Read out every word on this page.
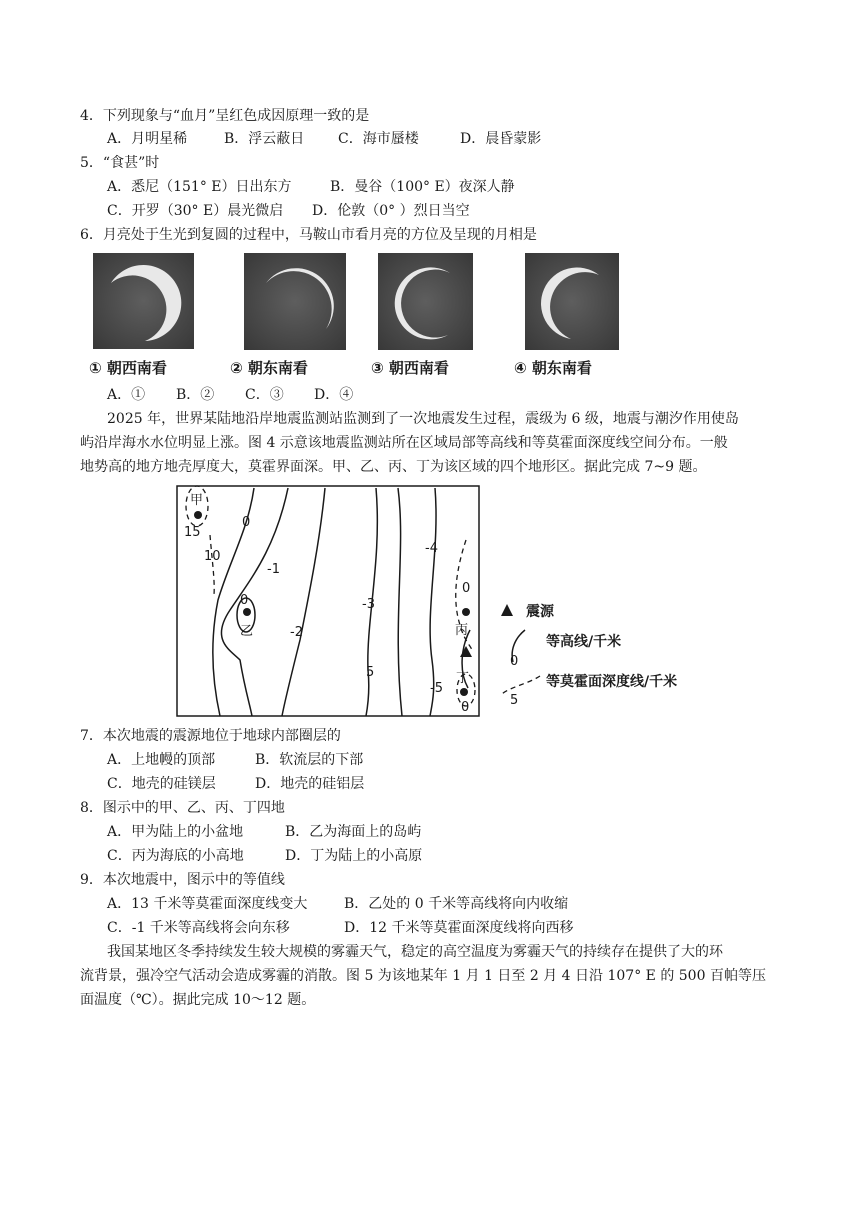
4．下列现象与“血月”呈红色成因原理一致的是
A．月明星稀	B．浮云蔽日 C．海市蜃楼	D．晨昏蒙影
5．“食甚”时
A．悉尼（151° E）日出东方	B．曼谷（100° E）夜深人静
C．开罗（30° E）晨光微启 D．伦敦（0° ）烈日当空
6．月亮处于生光到复圆的过程中，马鞍山市看月亮的方位及呈现的月相是
① 朝西南看	② 朝东南看	③ 朝西南看	④ 朝东南看
A．① B．② C．③ D．④
2025 年，世界某陆地沿岸地震监测站监测到了一次地震发生过程，震级为 6 级，地震与潮汐作用使岛
屿沿岸海水水位明显上涨。图 4 示意该地震监测站所在区域局部等高线和等莫霍面深度线空间分布。一般
地势高的地方地壳厚度大，莫霍界面深。甲、乙、丙、丁为该区域的四个地形区。据此完成 7~9 题。
甲
乙	丙
丁
0
-1
-2
-3
-4
-5
0
0
15
10
5
0
震源
等高线/千米
0
等莫霍面深度线/千米
5
7．本次地震的震源地位于地球内部圈层的
A．上地幔的顶部	B．软流层的下部
C．地壳的硅镁层	D．地壳的硅铝层
8．图示中的甲、乙、丙、丁四地
A．甲为陆上的小盆地	B．乙为海面上的岛屿
C．丙为海底的小高地	D．丁为陆上的小高原
9．本次地震中，图示中的等值线
A．13 千米等莫霍面深度线变大	B．乙处的 0 千米等高线将向内收缩
C．-1 千米等高线将会向东移	D．12 千米等莫霍面深度线将向西移
我国某地区冬季持续发生较大规模的雾霾天气，稳定的高空温度为雾霾天气的持续存在提供了大的环
流背景，强冷空气活动会造成雾霾的消散。图 5 为该地某年 1 月 1 日至 2 月 4 日沿 107° E 的 500 百帕等压
面温度（℃）。据此完成 10～12 题。
